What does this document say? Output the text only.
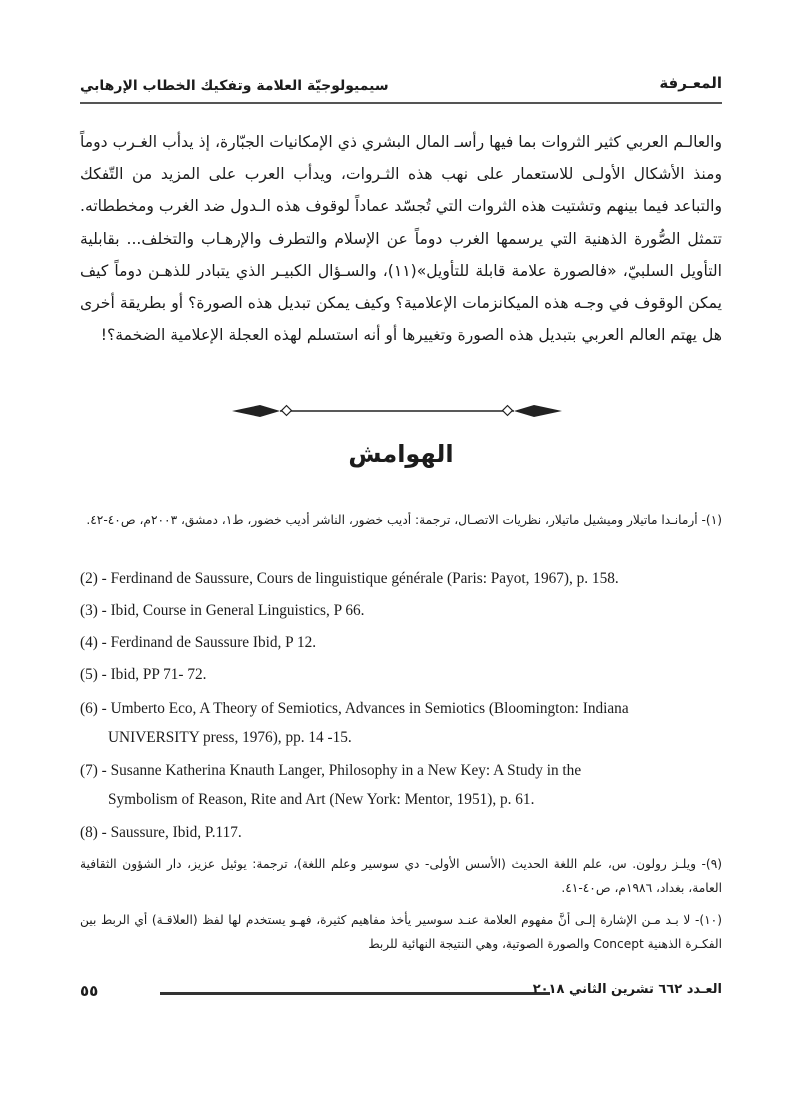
سيميولوجيّة العلامة وتفكيك الخطاب الإرهابي	المعـرفة
والعالـم العربي كثير الثروات بما فيها رأسـ المال البشري ذي الإمكانيات الجبّارة، إذ يدأب الغـرب دوماً ومنذ الأشكال الأولـى للاستعمار على نهب هذه الثـروات، ويدأب العرب على المزيد من التّفكك والتباعد فيما بينهم وتشتيت هذه الثروات التي تُجسّد عماداً لوقوف هذه الـدول ضد الغرب ومخططاته. تتمثل الصُّورة الذهنية التي يرسمها الغرب دوماً عن الإسلام والتطرف والإرهـاب والتخلف... بقابلية التأويل السلبيّ، «فالصورة علامة قابلة للتأويل»(١١)، والسـؤال الكبيـر الذي يتبادر للذهـن دوماً كيف يمكن الوقوف في وجـه هذه الميكانزمات الإعلامية؟ وكيف يمكن تبديل هذه الصورة؟ أو بطريقة أخرى هل يهتم العالم العربي بتبديل هذه الصورة وتغييرها أو أنه استسلم لهذه العجلة الإعلامية الضخمة؟!
الهوامش
(١)- أرمانـدا ماتيلار وميشيل ماتيلار، نظريات الاتصـال، ترجمة: أديب خضور، الناشر أديب خضور، ط١، دمشق، ٢٠٠٣م، ص٤٠-٤٢.
(2) - Ferdinand de Saussure, Cours de linguistique générale (Paris: Payot, 1967), p. 158.
(3) - Ibid, Course in General Linguistics, P 66.
(4) - Ferdinand de Saussure Ibid, P 12.
(5) - Ibid, PP 71- 72.
(6) - Umberto Eco, A Theory of Semiotics, Advances in Semiotics (Bloomington: Indiana
UNIVERSITY press, 1976), pp. 14 -15.
(7) - Susanne Katherina Knauth Langer, Philosophy in a New Key: A Study in the
Symbolism of Reason, Rite and Art (New York: Mentor, 1951), p. 61.
(8) - Saussure, Ibid, P.117.
(٩)- ويلـز رولون. س، علم اللغة الحديث (الأسس الأولى- دي سوسير وعلم اللغة)، ترجمة: يوئيل عزيز، دار الشؤون الثقافية العامة، بغداد، ١٩٨٦م، ص٤٠-٤١.
(١٠)- لا بـد مـن الإشارة إلـى أنَّ مفهوم العلامة عنـد سوسير يأخذ مفاهيم كثيرة، فهـو يستخدم لها لفظ (العلاقـة) أي الربط بين الفكـرة الذهنية Concept والصورة الصوتية، وهي النتيجة النهائية للربط
٥٥	العـدد ٦٦٢ تشرين الثاني ٢٠١٨
